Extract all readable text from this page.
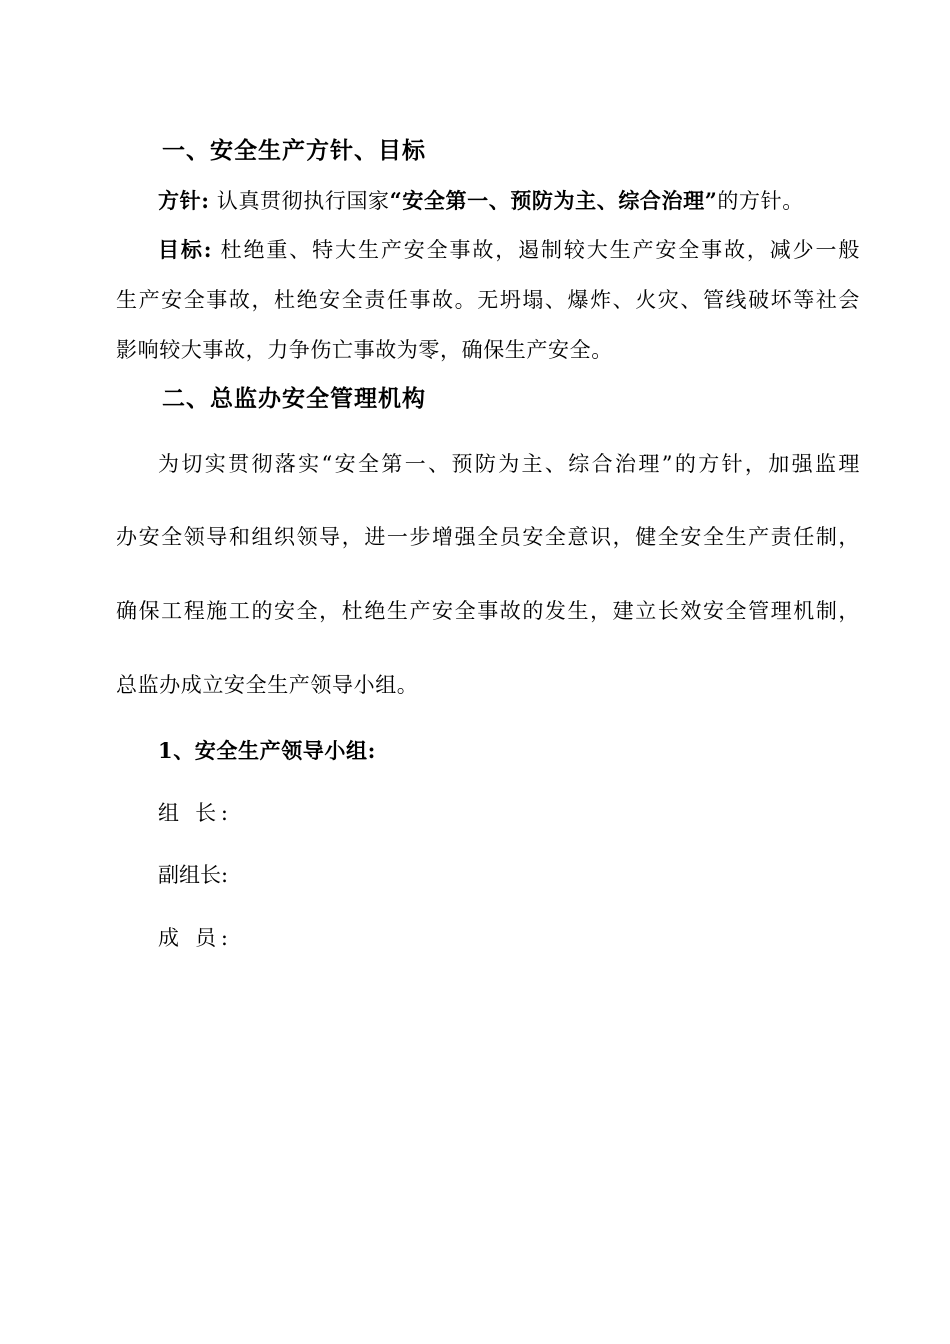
一、安全生产方针、目标
方针: 认真贯彻执行国家“安全第一、预防为主、综合治理”的方针。
目标: 杜绝重、特大生产安全事故，遏制较大生产安全事故，减少一般
生产安全事故，杜绝安全责任事故。无坍塌、爆炸、火灾、管线破坏等社会
影响较大事故，力争伤亡事故为零，确保生产安全。
二、总监办安全管理机构
为切实贯彻落实“安全第一、预防为主、综合治理”的方针，加强监理
办安全领导和组织领导，进一步增强全员安全意识，健全安全生产责任制，
确保工程施工的安全，杜绝生产安全事故的发生，建立长效安全管理机制，
总监办成立安全生产领导小组。
1、安全生产领导小组:
组 长:
副组长:
成 员:
